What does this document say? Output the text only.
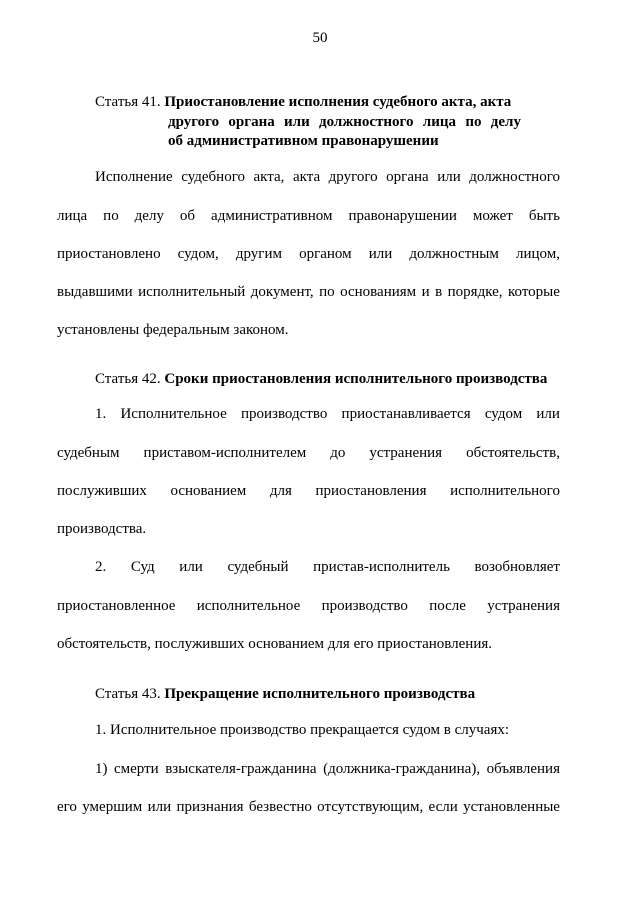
50
Статья 41. Приостановление исполнения судебного акта, акта
другого органа или должностного лица по делу
об административном правонарушении
Исполнение судебного акта, акта другого органа или должностного
лица по делу об административном правонарушении может быть
приостановлено судом, другим органом или должностным лицом,
выдавшими исполнительный документ, по основаниям и в порядке, которые
установлены федеральным законом.
Статья 42. Сроки приостановления исполнительного производства
1. Исполнительное производство приостанавливается судом или
судебным приставом-исполнителем до устранения обстоятельств,
послуживших основанием для приостановления исполнительного
производства.
2. Суд или судебный пристав-исполнитель возобновляет
приостановленное исполнительное производство после устранения
обстоятельств, послуживших основанием для его приостановления.
Статья 43. Прекращение исполнительного производства
1. Исполнительное производство прекращается судом в случаях:
1) смерти взыскателя-гражданина (должника-гражданина), объявления
его умершим или признания безвестно отсутствующим, если установленные
